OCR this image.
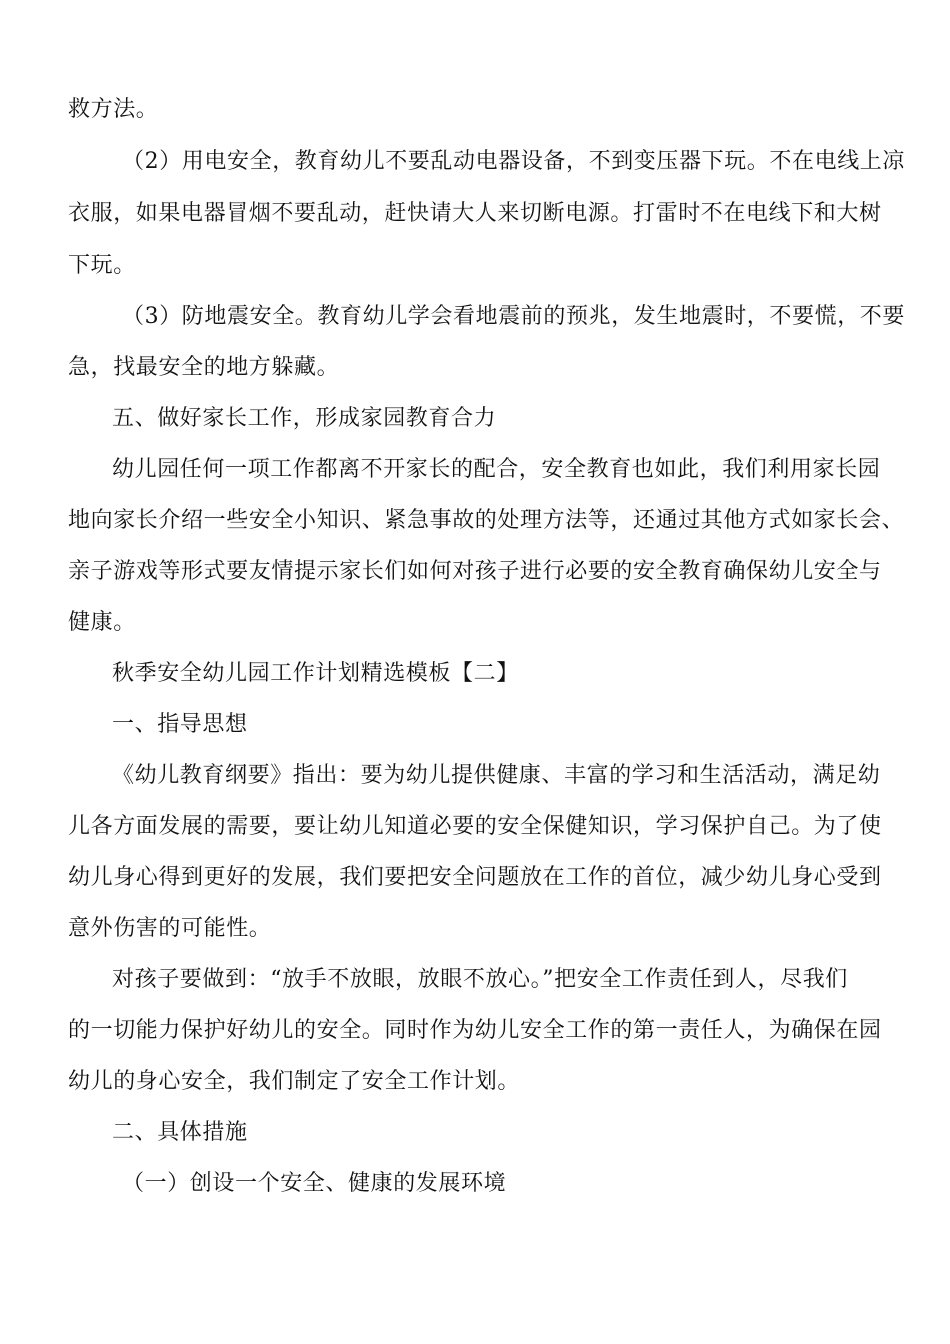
救方法。
（2）用电安全，教育幼儿不要乱动电器设备，不到变压器下玩。不在电线上凉
衣服，如果电器冒烟不要乱动，赶快请大人来切断电源。打雷时不在电线下和大树
下玩。
（3）防地震安全。教育幼儿学会看地震前的预兆，发生地震时，不要慌，不要
急，找最安全的地方躲藏。
五、做好家长工作，形成家园教育合力
幼儿园任何一项工作都离不开家长的配合，安全教育也如此，我们利用家长园
地向家长介绍一些安全小知识、紧急事故的处理方法等，还通过其他方式如家长会、
亲子游戏等形式要友情提示家长们如何对孩子进行必要的安全教育确保幼儿安全与
健康。
秋季安全幼儿园工作计划精选模板【二】
一、指导思想
《幼儿教育纲要》指出：要为幼儿提供健康、丰富的学习和生活活动，满足幼
儿各方面发展的需要，要让幼儿知道必要的安全保健知识，学习保护自己。为了使
幼儿身心得到更好的发展，我们要把安全问题放在工作的首位，减少幼儿身心受到
意外伤害的可能性。
对孩子要做到：“放手不放眼，放眼不放心。”把安全工作责任到人，尽我们
的一切能力保护好幼儿的安全。同时作为幼儿安全工作的第一责任人，为确保在园
幼儿的身心安全，我们制定了安全工作计划。
二、具体措施
（一）创设一个安全、健康的发展环境
